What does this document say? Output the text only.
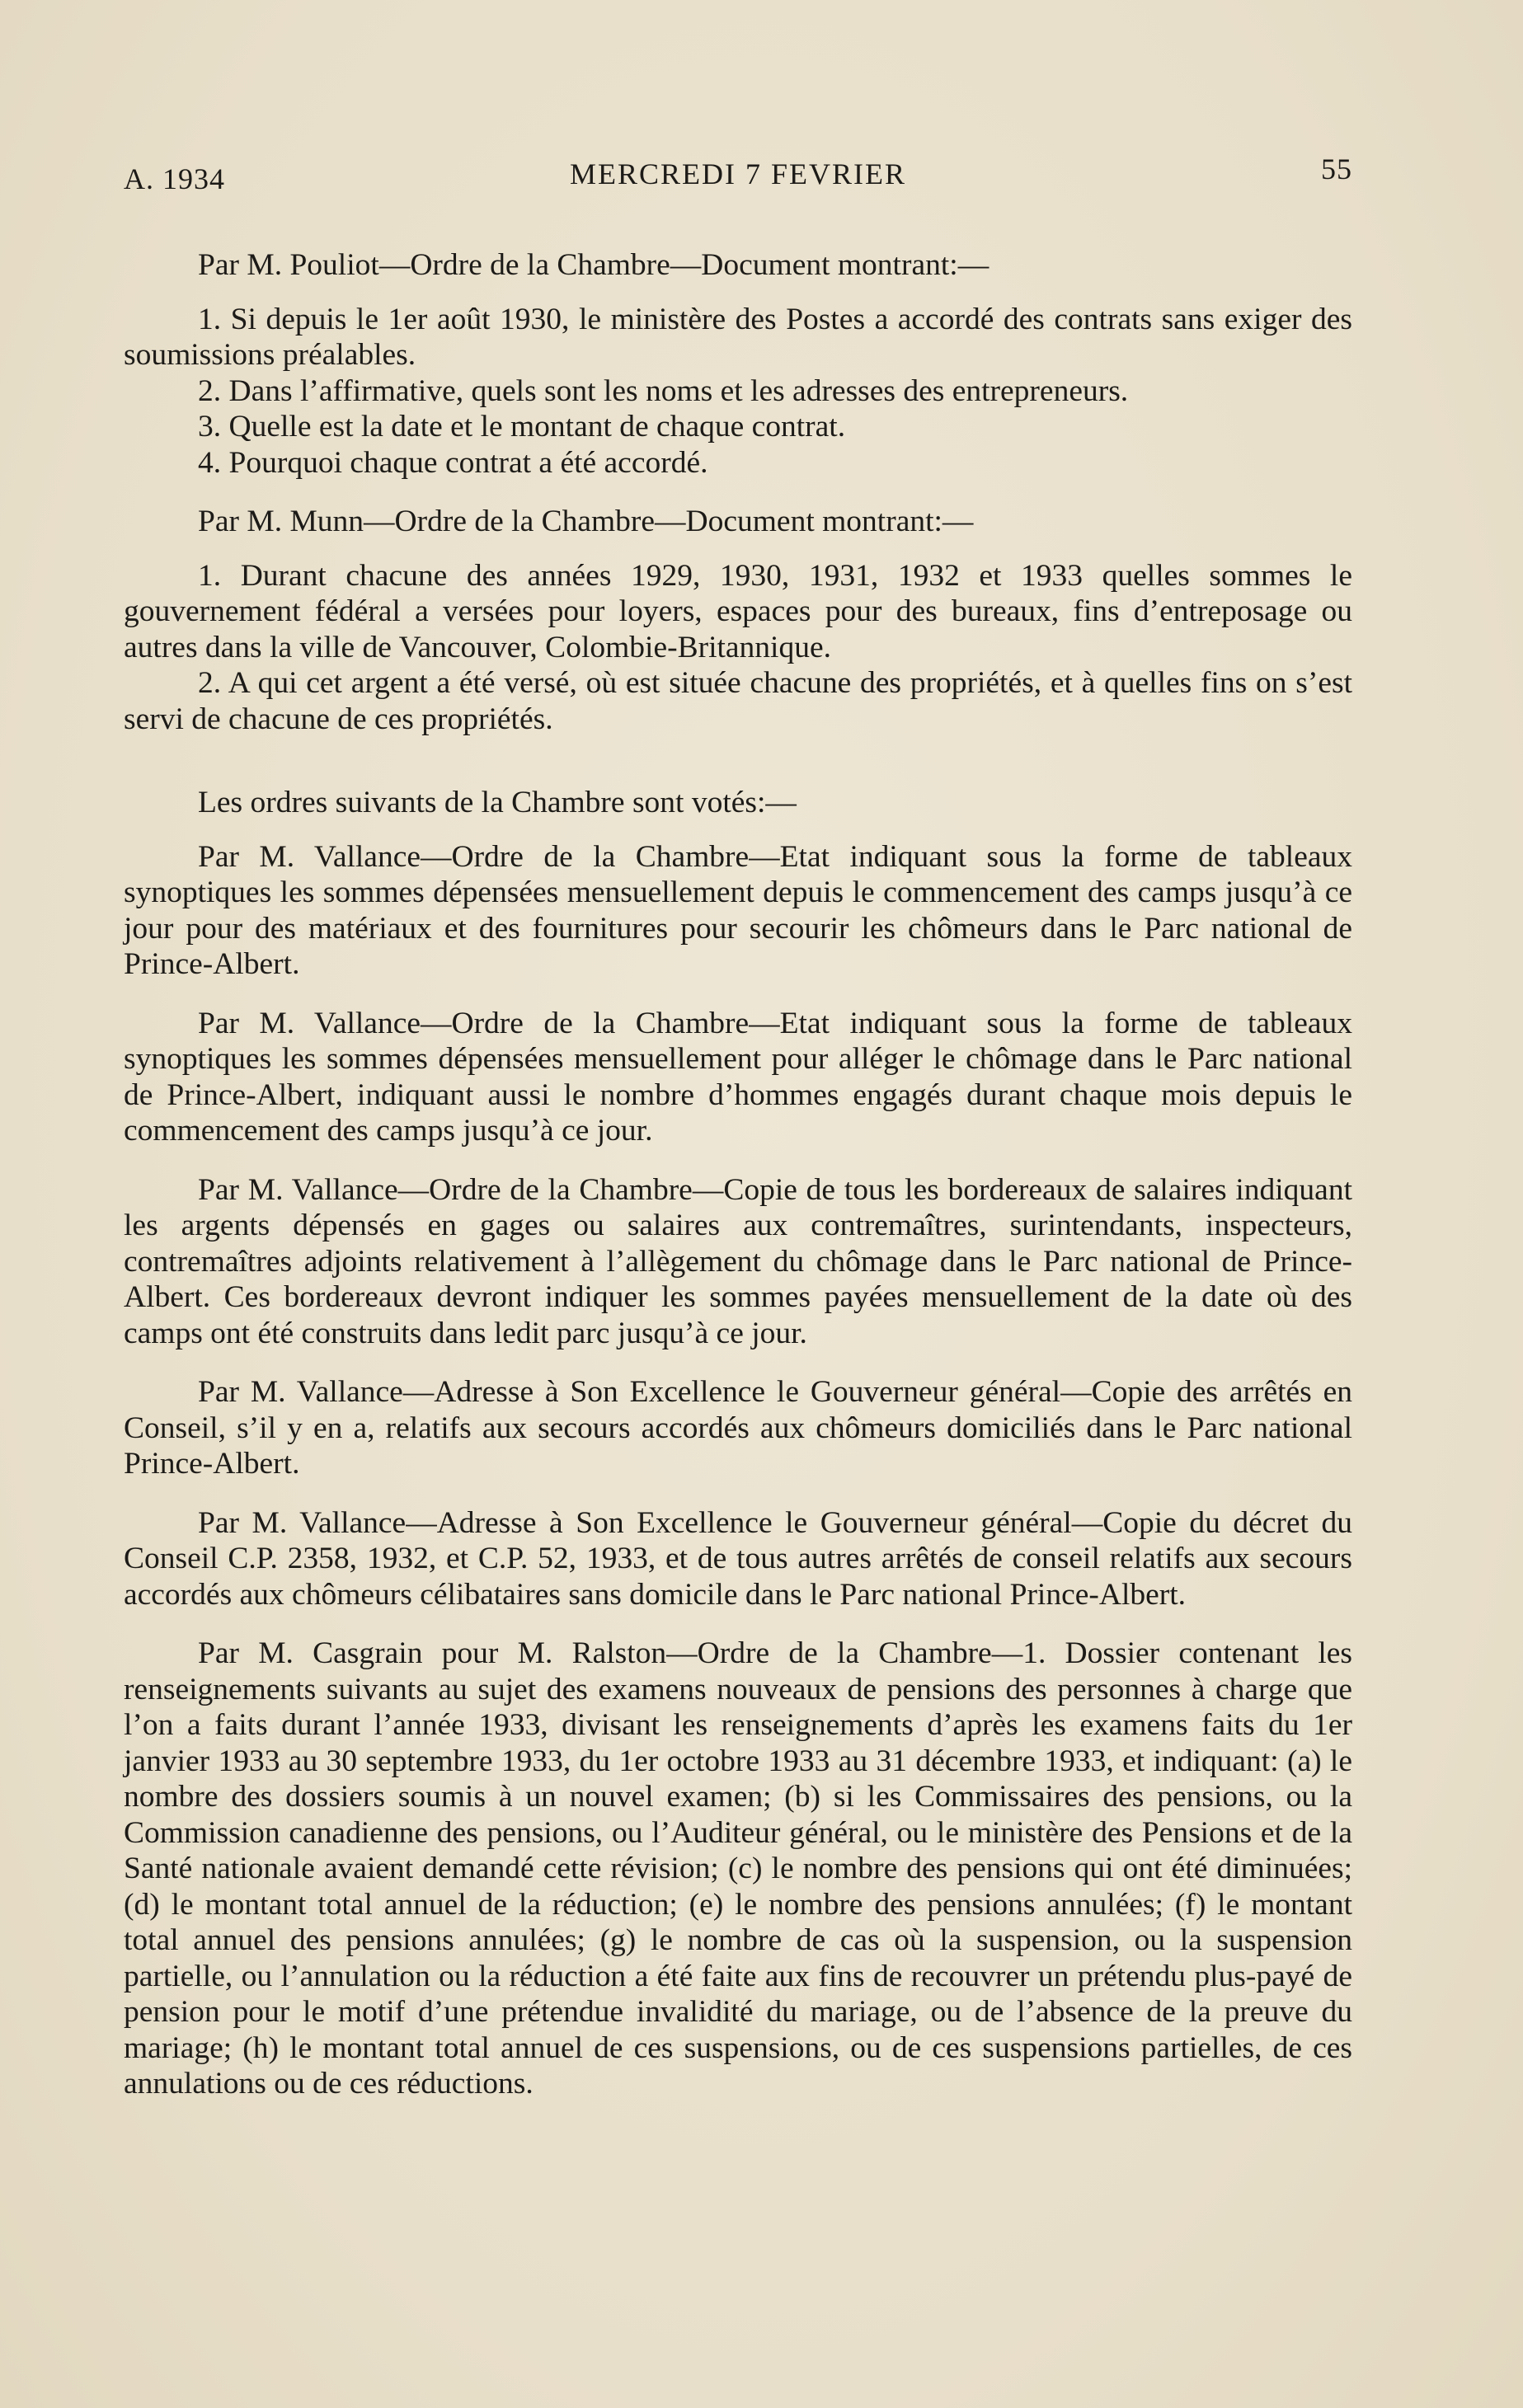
A. 1934	MERCREDI 7 FEVRIER	55

Par M. Pouliot—Ordre de la Chambre—Document montrant:—

1. Si depuis le 1er août 1930, le ministère des Postes a accordé des contrats sans exiger des soumissions préalables.

2. Dans l’affirmative, quels sont les noms et les adresses des entrepreneurs.

3. Quelle est la date et le montant de chaque contrat.

4. Pourquoi chaque contrat a été accordé.

Par M. Munn—Ordre de la Chambre—Document montrant:—

1. Durant chacune des années 1929, 1930, 1931, 1932 et 1933 quelles sommes le gouvernement fédéral a versées pour loyers, espaces pour des bureaux, fins d’entreposage ou autres dans la ville de Vancouver, Colombie-Britannique.

2. A qui cet argent a été versé, où est située chacune des propriétés, et à quelles fins on s’est servi de chacune de ces propriétés.

Les ordres suivants de la Chambre sont votés:—

Par M. Vallance—Ordre de la Chambre—Etat indiquant sous la forme de tableaux synoptiques les sommes dépensées mensuellement depuis le commencement des camps jusqu’à ce jour pour des matériaux et des fournitures pour secourir les chômeurs dans le Parc national de Prince-Albert.

Par M. Vallance—Ordre de la Chambre—Etat indiquant sous la forme de tableaux synoptiques les sommes dépensées mensuellement pour alléger le chômage dans le Parc national de Prince-Albert, indiquant aussi le nombre d’hommes engagés durant chaque mois depuis le commencement des camps jusqu’à ce jour.

Par M. Vallance—Ordre de la Chambre—Copie de tous les bordereaux de salaires indiquant les argents dépensés en gages ou salaires aux contremaîtres, surintendants, inspecteurs, contremaîtres adjoints relativement à l’allègement du chômage dans le Parc national de Prince-Albert. Ces bordereaux devront indiquer les sommes payées mensuellement de la date où des camps ont été construits dans ledit parc jusqu’à ce jour.

Par M. Vallance—Adresse à Son Excellence le Gouverneur général—Copie des arrêtés en Conseil, s’il y en a, relatifs aux secours accordés aux chômeurs domiciliés dans le Parc national Prince-Albert.

Par M. Vallance—Adresse à Son Excellence le Gouverneur général—Copie du décret du Conseil C.P. 2358, 1932, et C.P. 52, 1933, et de tous autres arrêtés de conseil relatifs aux secours accordés aux chômeurs célibataires sans domicile dans le Parc national Prince-Albert.

Par M. Casgrain pour M. Ralston—Ordre de la Chambre—1. Dossier contenant les renseignements suivants au sujet des examens nouveaux de pensions des personnes à charge que l’on a faits durant l’année 1933, divisant les renseignements d’après les examens faits du 1er janvier 1933 au 30 septembre 1933, du 1er octobre 1933 au 31 décembre 1933, et indiquant: (a) le nombre des dossiers soumis à un nouvel examen; (b) si les Commissaires des pensions, ou la Commission canadienne des pensions, ou l’Auditeur général, ou le ministère des Pensions et de la Santé nationale avaient demandé cette révision; (c) le nombre des pensions qui ont été diminuées; (d) le montant total annuel de la réduction; (e) le nombre des pensions annulées; (f) le montant total annuel des pensions annulées; (g) le nombre de cas où la suspension, ou la suspension partielle, ou l’annulation ou la réduction a été faite aux fins de recouvrer un prétendu plus-payé de pension pour le motif d’une prétendue invalidité du mariage, ou de l’absence de la preuve du mariage; (h) le montant total annuel de ces suspensions, ou de ces suspensions partielles, de ces annulations ou de ces réductions.
